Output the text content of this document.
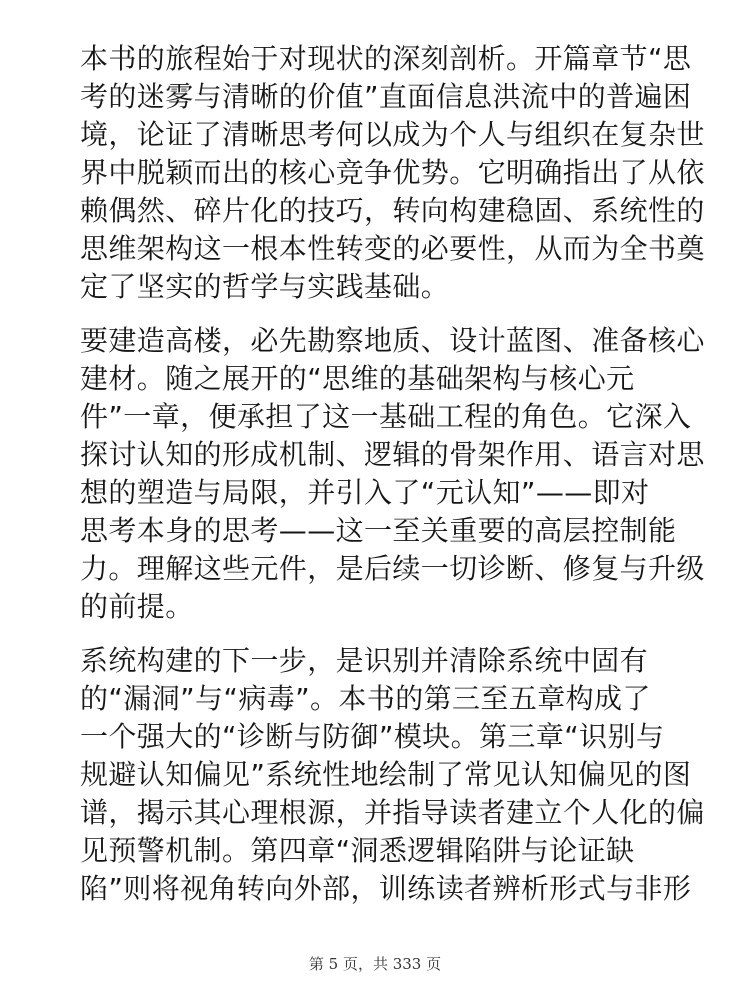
本书的旅程始于对现状的深刻剖析。开篇章节“思
考的迷雾与清晰的价值”直面信息洪流中的普遍困
境，论证了清晰思考何以成为个人与组织在复杂世
界中脱颖而出的核心竞争优势。它明确指出了从依
赖偶然、碎片化的技巧，转向构建稳固、系统性的
思维架构这一根本性转变的必要性，从而为全书奠
定了坚实的哲学与实践基础。

要建造高楼，必先勘察地质、设计蓝图、准备核心
建材。随之展开的“思维的基础架构与核心元
件”一章，便承担了这一基础工程的角色。它深入
探讨认知的形成机制、逻辑的骨架作用、语言对思
想的塑造与局限，并引入了“元认知”——即对
思考本身的思考——这一至关重要的高层控制能
力。理解这些元件，是后续一切诊断、修复与升级
的前提。

系统构建的下一步，是识别并清除系统中固有
的“漏洞”与“病毒”。本书的第三至五章构成了
一个强大的“诊断与防御”模块。第三章“识别与
规避认知偏见”系统性地绘制了常见认知偏见的图
谱，揭示其心理根源，并指导读者建立个人化的偏
见预警机制。第四章“洞悉逻辑陷阱与论证缺
陷”则将视角转向外部，训练读者辨析形式与非形

第 5 页，共 333 页
